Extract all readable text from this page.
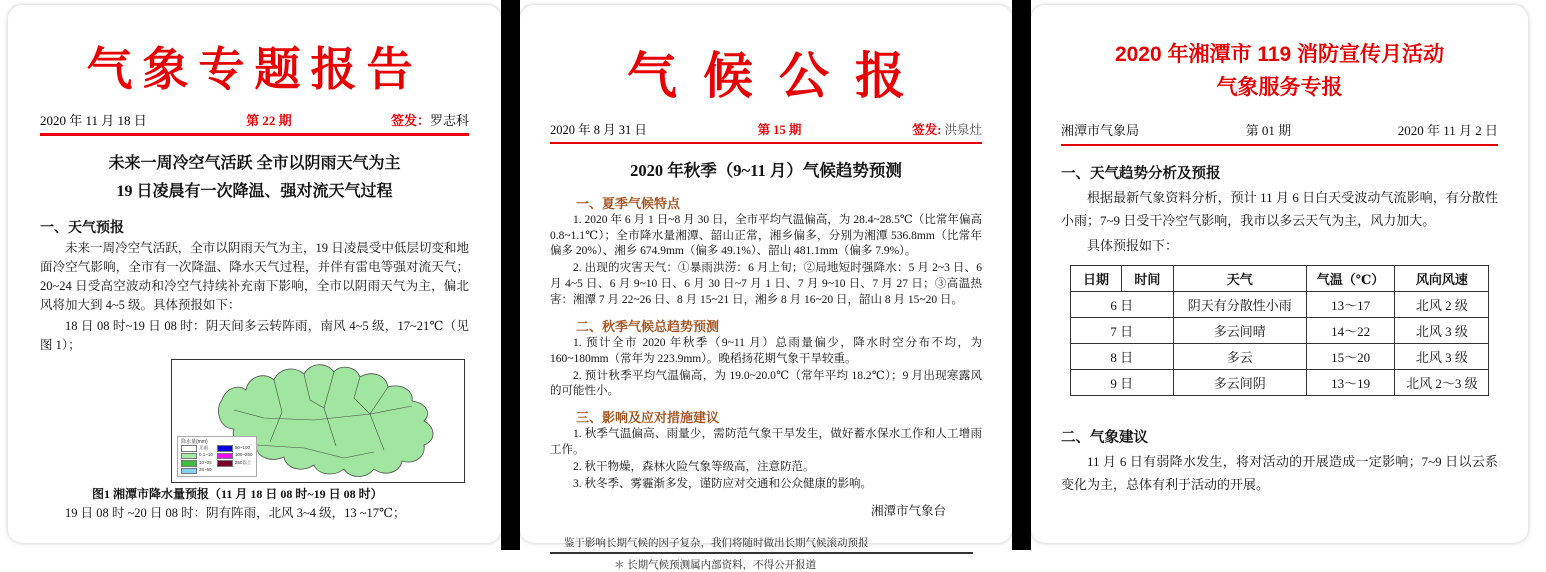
气象专题报告
2020 年 11 月 18 日	第 22 期	签发：罗志科
未来一周冷空气活跃 全市以阴雨天气为主
19 日凌晨有一次降温、强对流天气过程
一、天气预报

未来一周冷空气活跃，全市以阴雨天气为主，19 日凌晨受中低层切变和地面冷空气影响，全市有一次降温、降水天气过程，并伴有雷电等强对流天气；20~24 日受高空波动和冷空气持续补充南下影响，全市以阴雨天气为主，偏北风将加大到 4~5 级。具体预报如下：

18 日 08 时~19 日 08 时：阴天间多云转阵雨，南风 4~5 级，17~21℃（见图 1）；

降水量(mm)
无雨
0.1~10
10~25
25~50
50~100
100~250
250以上
图1 湘潭市降水量预报（11 月 18 日 08 时~19 日 08 时）

19 日 08 时 ~20 日 08 时：阴有阵雨，北风 3~4 级，13 ~17℃；

气候公报
2020 年 8 月 31 日	第 15 期	签发: 洪泉灶
2020 年秋季（9~11 月）气候趋势预测
一、夏季气候特点

1. 2020 年 6 月 1 日~8 月 30 日，全市平均气温偏高，为 28.4~28.5℃（比常年偏高 0.8~1.1℃）；全市降水量湘潭、韶山正常，湘乡偏多，分别为湘潭 536.8mm（比常年偏多 20%）、湘乡 674.9mm（偏多 49.1%）、韶山 481.1mm（偏多 7.9%）。

2. 出现的灾害天气：①暴雨洪涝：6 月上旬；②局地短时强降水：5 月 2~3 日、6 月 4~5 日、6 月 9~10 日、6 月 30 日~7 月 1 日、7 月 9~10 日、7 月 27 日；③高温热害：湘潭 7 月 22~26 日、8 月 15~21 日，湘乡 8 月 16~20 日，韶山 8 月 15~20 日。

二、秋季气候总趋势预测

1. 预计全市 2020 年秋季（9~11 月）总雨量偏少，降水时空分布不均，为 160~180mm（常年为 223.9mm）。晚稻扬花期气象干旱较重。

2. 预计秋季平均气温偏高，为 19.0~20.0℃（常年平均 18.2℃）；9 月出现寒露风的可能性小。

三、影响及应对措施建议

1. 秋季气温偏高、雨量少，需防范气象干旱发生，做好蓄水保水工作和人工增雨工作。

2. 秋干物燥，森林火险气象等级高，注意防范。

3. 秋冬季、雾霾渐多发，谨防应对交通和公众健康的影响。

湘潭市气象台
鉴于影响长期气候的因子复杂，我们将随时做出长期气候滚动预报
＊ 长期气候预测属内部资料，不得公开报道
2020 年湘潭市 119 消防宣传月活动
气象服务专报
湘潭市气象局	第 01 期	2020 年 11 月 2 日
一、天气趋势分析及预报

根据最新气象资料分析，预计 11 月 6 日白天受波动气流影响，有分散性小雨；7~9 日受干冷空气影响，我市以多云天气为主，风力加大。

具体预报如下：

日期	时间	天气	气温（℃）	风向风速
6 日		阴天有分散性小雨	13～17	北风 2 级
7 日		多云间晴	14～22	北风 3 级
8 日		多云	15～20	北风 3 级
9 日		多云间阴	13～19	北风 2～3 级
二、气象建议

11 月 6 日有弱降水发生，将对活动的开展造成一定影响；7~9 日以云系变化为主，总体有利于活动的开展。
